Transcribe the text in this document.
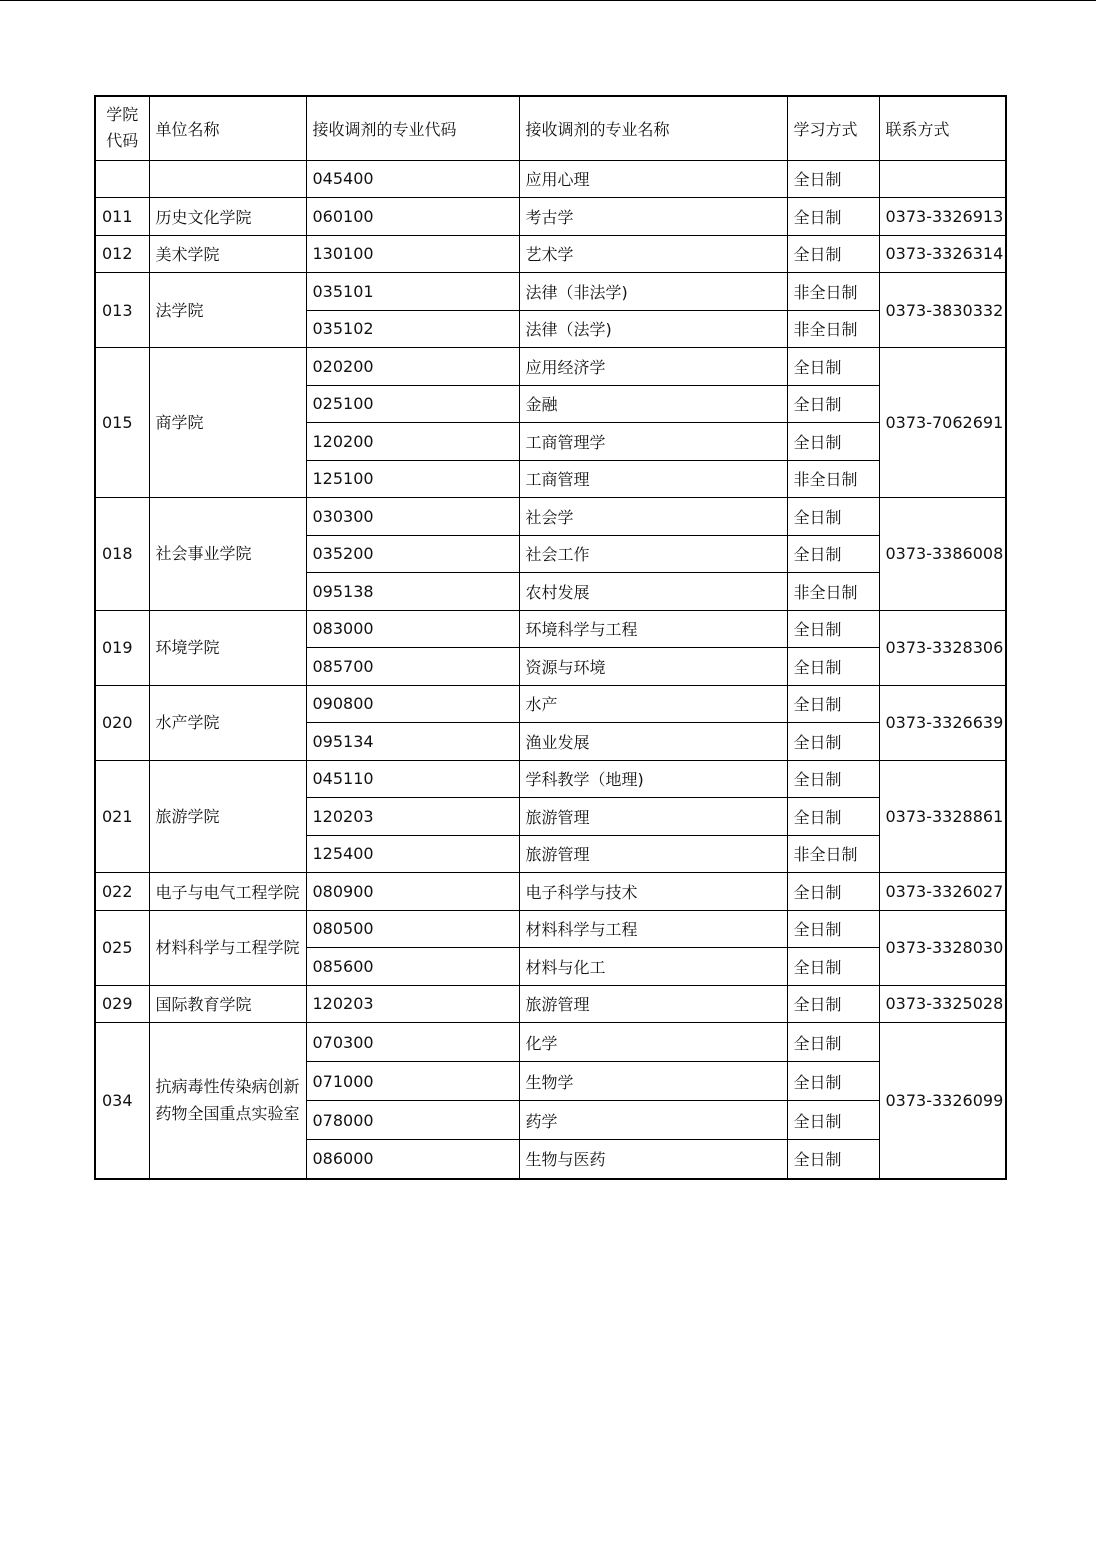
学院代码	单位名称	接收调剂的专业代码	接收调剂的专业名称	学习方式	联系方式
		045400	应用心理	全日制	
011	历史文化学院	060100	考古学	全日制	0373-3326913
012	美术学院	130100	艺术学	全日制	0373-3326314
013	法学院	035101	法律（非法学)	非全日制	0373-3830332
		035102	法律（法学)	非全日制	
015	商学院	020200	应用经济学	全日制	0373-7062691
		025100	金融	全日制	
		120200	工商管理学	全日制	
		125100	工商管理	非全日制	
018	社会事业学院	030300	社会学	全日制	0373-3386008
		035200	社会工作	全日制	
		095138	农村发展	非全日制	
019	环境学院	083000	环境科学与工程	全日制	0373-3328306
		085700	资源与环境	全日制	
020	水产学院	090800	水产	全日制	0373-3326639
		095134	渔业发展	全日制	
021	旅游学院	045110	学科教学（地理)	全日制	0373-3328861
		120203	旅游管理	全日制	
		125400	旅游管理	非全日制	
022	电子与电气工程学院	080900	电子科学与技术	全日制	0373-3326027
025	材料科学与工程学院	080500	材料科学与工程	全日制	0373-3328030
		085600	材料与化工	全日制	
029	国际教育学院	120203	旅游管理	全日制	0373-3325028
034	抗病毒性传染病创新药物全国重点实验室	070300	化学	全日制	0373-3326099
		071000	生物学	全日制	
		078000	药学	全日制	
		086000	生物与医药	全日制	
